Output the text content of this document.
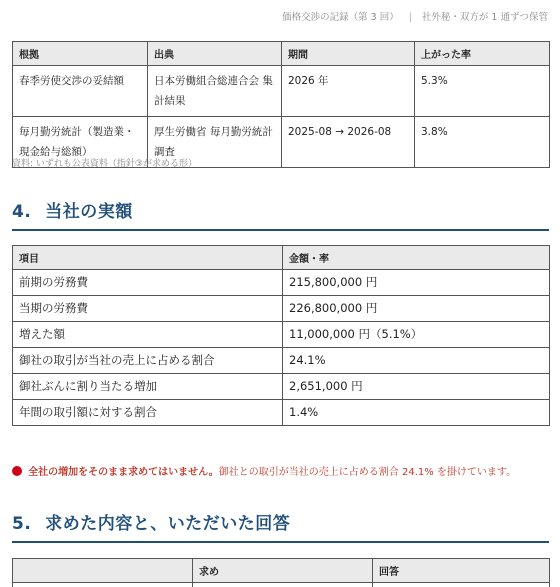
価格交渉の記録（第 3 回） | 社外秘・双方が 1 通ずつ保管
根拠	出典	期間	上がった率
春季労使交渉の妥結額	日本労働組合総連合会 集計結果	2026 年	5.3%
毎月勤労統計（製造業・現金給与総額）	厚生労働省 毎月勤労統計調査	2025-08 → 2026-08	3.8%
資料: いずれも公表資料（指針③が求める形）
4. 当社の実額
項目	金額・率
前期の労務費	215,800,000 円
当期の労務費	226,800,000 円
増えた額	11,000,000 円（5.1%）
御社の取引が当社の売上に占める割合	24.1%
御社ぶんに割り当たる増加	2,651,000 円
年間の取引額に対する割合	1.4%
全社の増加をそのまま求めてはいません。御社との取引が当社の売上に占める割合 24.1% を掛けています。
5. 求めた内容と、いただいた回答
	求め	回答
